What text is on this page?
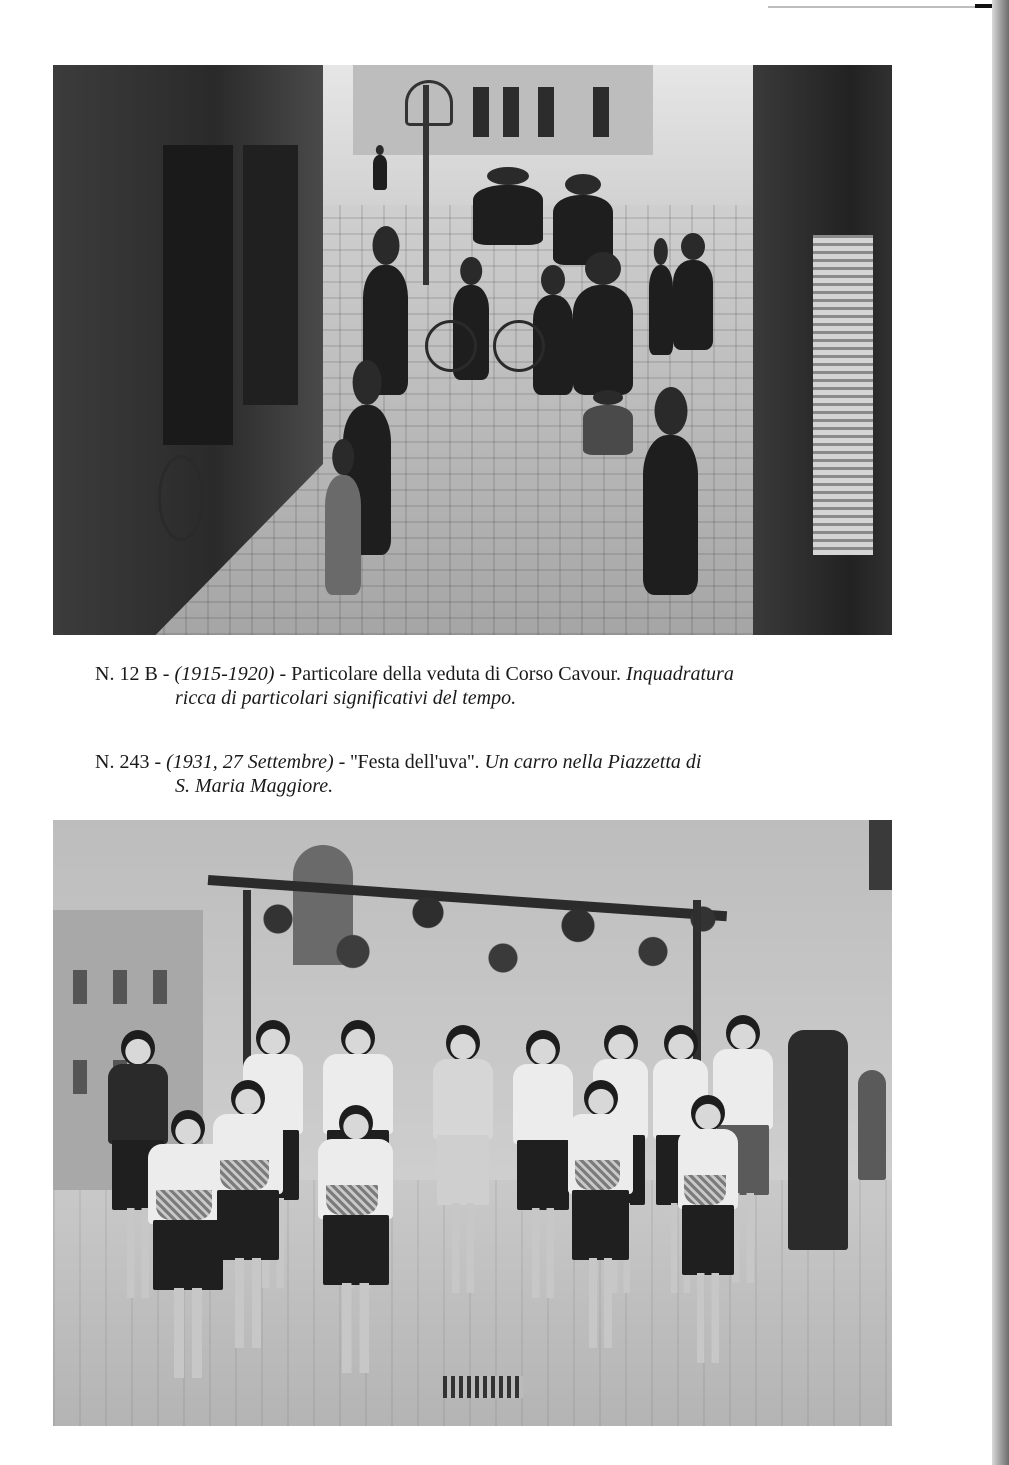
N. 12 B - (1915-1920) - Particolare della veduta di Corso Cavour. Inquadratura
ricca di particolari significativi del tempo.
N. 243 - (1931, 27 Settembre) - ''Festa dell'uva''. Un carro nella Piazzetta di
S. Maria Maggiore.
